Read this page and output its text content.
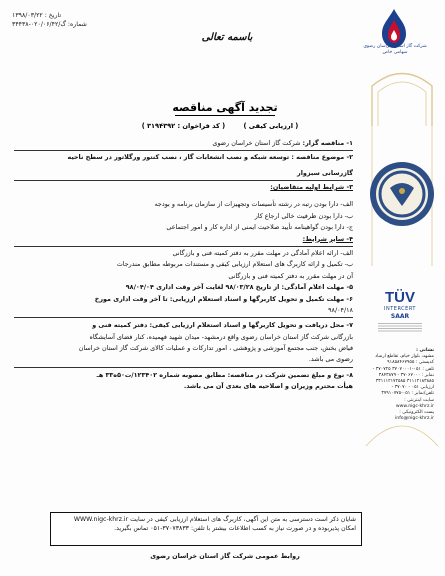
تاریخ : ۱۳۹۸/۰۳/۲۲
شماره: گ/۰۲۰/۰۶/۴۲-۳۴۴۳۸
باسمه تعالی
شرکت گاز استان خراسان رضوی
سهامی خاص
TÜV
INTERCERT
SAAR
تجدید آگهی مناقصه
( ارزیابی کیفی )        ( کد فراخوان : ۳۱۹۴۳۹۲ )

۱- مناقصه گزار: شرکت گاز استان خراسان رضوی

۲- موضوع مناقصه : توسعه شبکه و نصب انشعابات گاز ، نصب کنتور ورگلاتور در سطح ناحیه

گازرسانی سبزوار

۳- شرایط اولیه متقاضیان:

الف- دارا بودن رتبه در رشته تأسیسات وتجهیزات از سازمان برنامه و بودجه

ب- دارا بودن ظرفیت خالی ارجاع کار

ج- دارا بودن گواهینامه تأیید صلاحیت ایمنی از اداره کار و امور اجتماعی

۴- سایر شرایط:

الف- ارائه اعلام آمادگی در مهلت مقرر به دفتر کمیته فنی و بازرگانی

ب- تکمیل و ارائه کاربرگ های استعلام ارزیابی کیفی و مستندات مربوطه مطابق مندرجات

آن در مهلت مقرر به دفتر کمیته فنی و بازرگانی

۵- مهلت اعلام آمادگی: از تاریخ ۹۸/۰۳/۲۸ لغایت آخر وقت اداری ۹۸/۰۴/۰۴

۶- مهلت تکمیل و تحویل کاربرگها و اسناد استعلام ارزیابی: تا آخر وقت اداری مورخ

۹۸/۰۴/۱۸

۷- محل دریافت و تحویل کاربرگها و اسناد استعلام ارزیابی کیفی: دفتر کمیته فنی و

بازرگانی شرکت گاز استان خراسان رضوی واقع درمشهد- میدان شهید فهمیده، کنار فضای آسایشگاه

فیاض بخش، جنب مجتمع آموزشی و پژوهشی ، امور تدارکات و عملیات کالای شرکت گاز استان خراسان

رضوی می باشد.

۸- نوع و مبلغ تضمین شرکت در مناقصه: مطابق مصوبه شماره ۱۲۳۴۰۲/ت۵۰ه۳۳ هـ

هیأت محترم وزیران و اصلاحیه های بعدی آن می باشد.

نشانی :
مشهد، بلوار خیام، تقاطع ارشاد
کدپستی : ۹۱۸۵۸۴۶۷۹۵۵
تلفن : ۰۵۱-۳۷۰۷۰۰۰۱ ۳۷۰۷۲۵ -
نمابر : ۳۷۰۶۷۰۰۰ - ۳۸۴۳۸۷۹
۳۱۱۱۲۱۸۳۸۸۵ ۳۳۱۱۱۲۱۷۲۵۸۵
ارزیابی ۰۵۱ - ۳۷۰۷۰ -
تلفن/نمابر : ۰۵۱-۳۷۹۱۰۷۷۵
سایت اینترنتی :
www.nigc-khrz.ir
پست الکترونیکی :
info@nigc-khrz.ir
شایان ذکر است دسترسی به متن این آگهی، کاربرگ های استعلام ارزیابی کیفی در سایت WWW.nigc-khrz.ir
امکان پذیربوده و در صورت نیاز به کسب اطلاعات بیشتر با تلفن: ۳۷۰۷۳۸۳۳-۰۵۱ تماس بگیرید.
روابط عمومی شرکت گاز استان خراسان رضوی
